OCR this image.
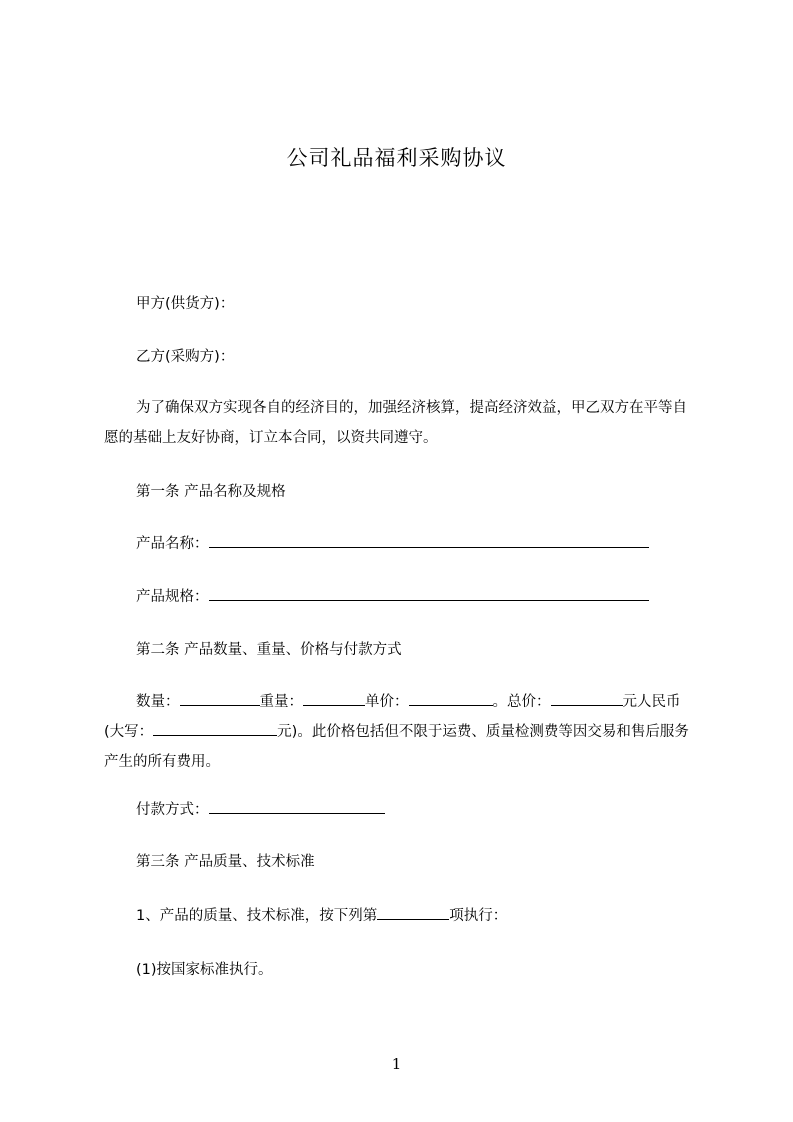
公司礼品福利采购协议
甲方(供货方)：
乙方(采购方)：
为了确保双方实现各自的经济目的，加强经济核算，提高经济效益，甲乙双方在平等自愿的基础上友好协商，订立本合同，以资共同遵守。
第一条 产品名称及规格
产品名称：
产品规格：
第二条 产品数量、重量、价格与付款方式
数量：	重量：	单价：	。总价：	元人民币(大写：	元)。此价格包括但不限于运费、质量检测费等因交易和售后服务产生的所有费用。
付款方式：
第三条 产品质量、技术标准
1、产品的质量、技术标准，按下列第	项执行：
(1)按国家标准执行。
1
